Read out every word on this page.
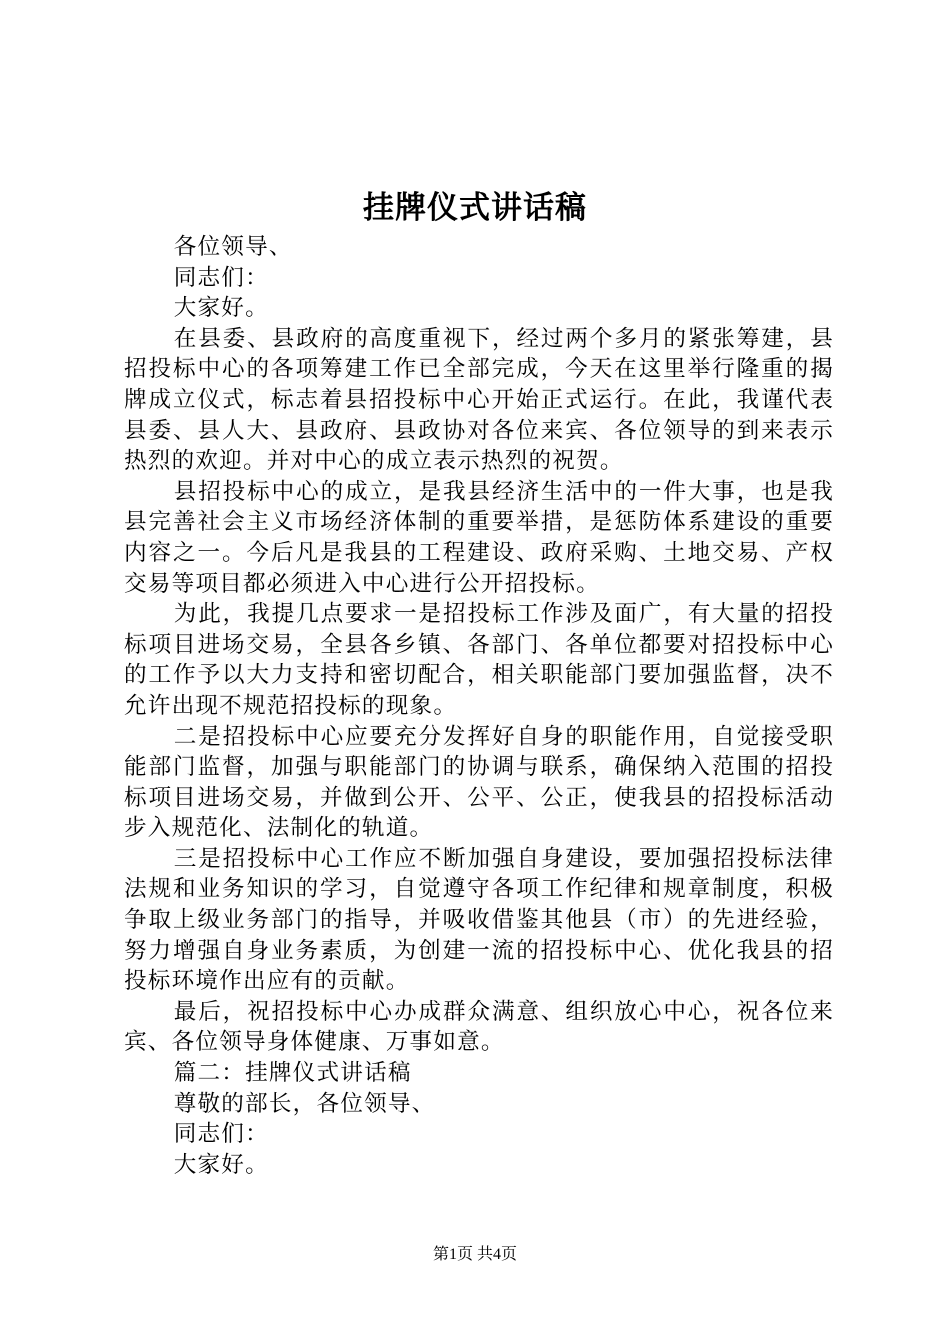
挂牌仪式讲话稿

各位领导、

同志们：

大家好。

在县委、县政府的高度重视下，经过两个多月的紧张筹建，县招投标中心的各项筹建工作已全部完成，今天在这里举行隆重的揭牌成立仪式，标志着县招投标中心开始正式运行。在此，我谨代表县委、县人大、县政府、县政协对各位来宾、各位领导的到来表示热烈的欢迎。并对中心的成立表示热烈的祝贺。

县招投标中心的成立，是我县经济生活中的一件大事，也是我县完善社会主义市场经济体制的重要举措，是惩防体系建设的重要内容之一。今后凡是我县的工程建设、政府采购、土地交易、产权交易等项目都必须进入中心进行公开招投标。

为此，我提几点要求一是招投标工作涉及面广，有大量的招投标项目进场交易，全县各乡镇、各部门、各单位都要对招投标中心的工作予以大力支持和密切配合，相关职能部门要加强监督，决不允许出现不规范招投标的现象。

二是招投标中心应要充分发挥好自身的职能作用，自觉接受职能部门监督，加强与职能部门的协调与联系，确保纳入范围的招投标项目进场交易，并做到公开、公平、公正，使我县的招投标活动步入规范化、法制化的轨道。

三是招投标中心工作应不断加强自身建设，要加强招投标法律法规和业务知识的学习，自觉遵守各项工作纪律和规章制度，积极争取上级业务部门的指导，并吸收借鉴其他县（市）的先进经验，努力增强自身业务素质，为创建一流的招投标中心、优化我县的招投标环境作出应有的贡献。

最后，祝招投标中心办成群众满意、组织放心中心，祝各位来宾、各位领导身体健康、万事如意。

篇二：挂牌仪式讲话稿

尊敬的部长，各位领导、

同志们：

大家好。

第1页 共4页
